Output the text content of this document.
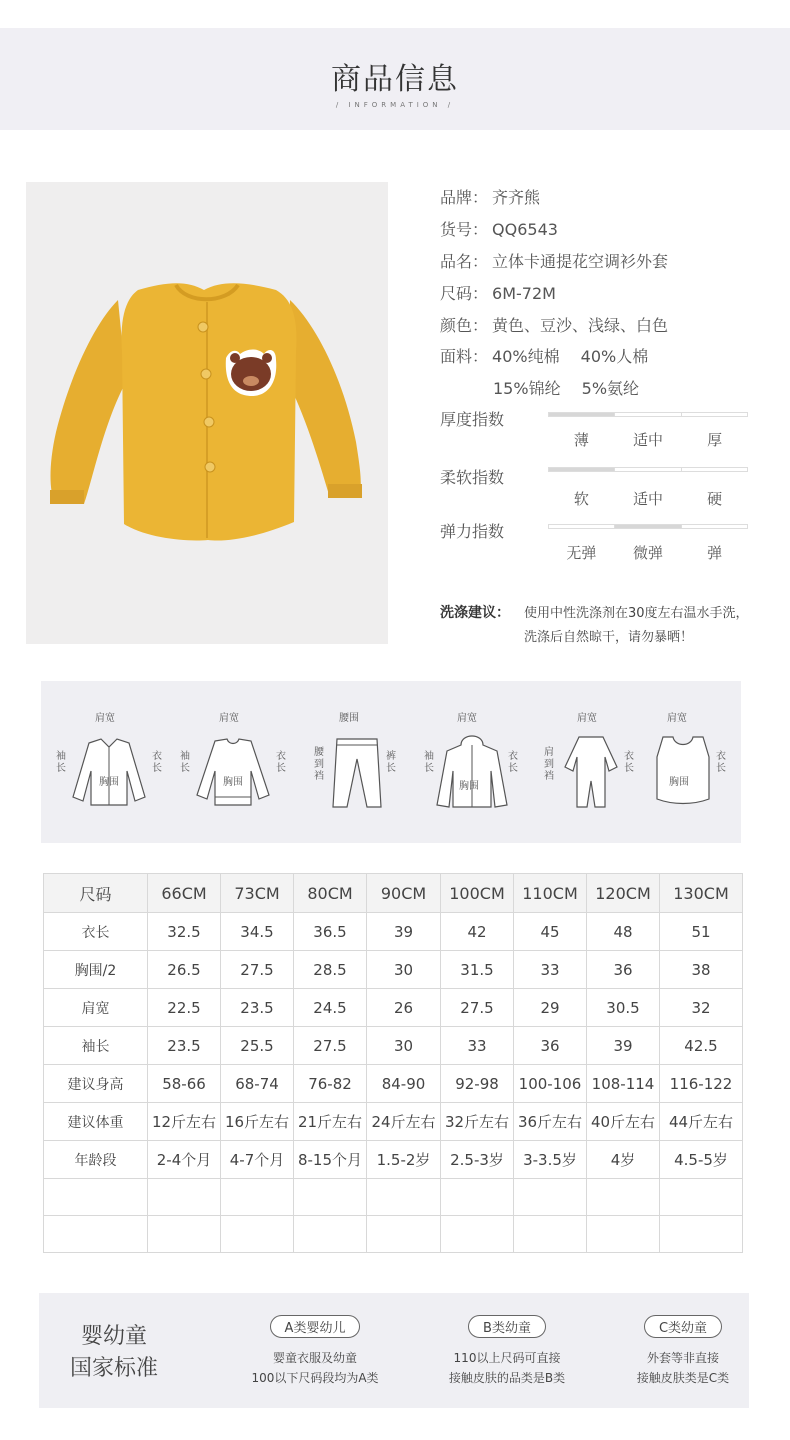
商品信息
/ INFORMATION /
品牌： 齐齐熊
货号： QQ6543
品名： 立体卡通提花空调衫外套
尺码： 6M-72M
颜色： 黄色、豆沙、浅绿、白色
面料： 40%纯棉　 40%人棉
15%锦纶　 5%氨纶
厚度指数
薄	适中	厚
柔软指数
软	适中	硬
弹力指数
无弹	微弹	弹
洗涤建议： 使用中性洗涤剂在30度左右温水手洗，
洗涤后自然晾干，请勿暴晒！
肩宽
袖长
衣长
胸围
肩宽
袖长
衣长
胸围
腰围
腰到裆
裤长
肩宽
袖长
衣长
胸围
肩宽
肩到裆
衣长
肩宽
衣长
胸围
尺码	66CM	73CM	80CM	90CM	100CM	110CM	120CM	130CM
衣长	32.5	34.5	36.5	39	42	45	48	51
胸围/2	26.5	27.5	28.5	30	31.5	33	36	38
肩宽	22.5	23.5	24.5	26	27.5	29	30.5	32
袖长	23.5	25.5	27.5	30	33	36	39	42.5
建议身高	58-66	68-74	76-82	84-90	92-98	100-106	108-114	116-122
建议体重	12斤左右	16斤左右	21斤左右	24斤左右	32斤左右	36斤左右	40斤左右	44斤左右
年龄段	2-4个月	4-7个月	8-15个月	1.5-2岁	2.5-3岁	3-3.5岁	4岁	4.5-5岁

婴幼童
国家标准
A类婴幼儿
婴童衣服及幼童
100以下尺码段均为A类
B类幼童
110以上尺码可直接
接触皮肤的品类是B类
C类幼童
外套等非直接
接触皮肤类是C类
